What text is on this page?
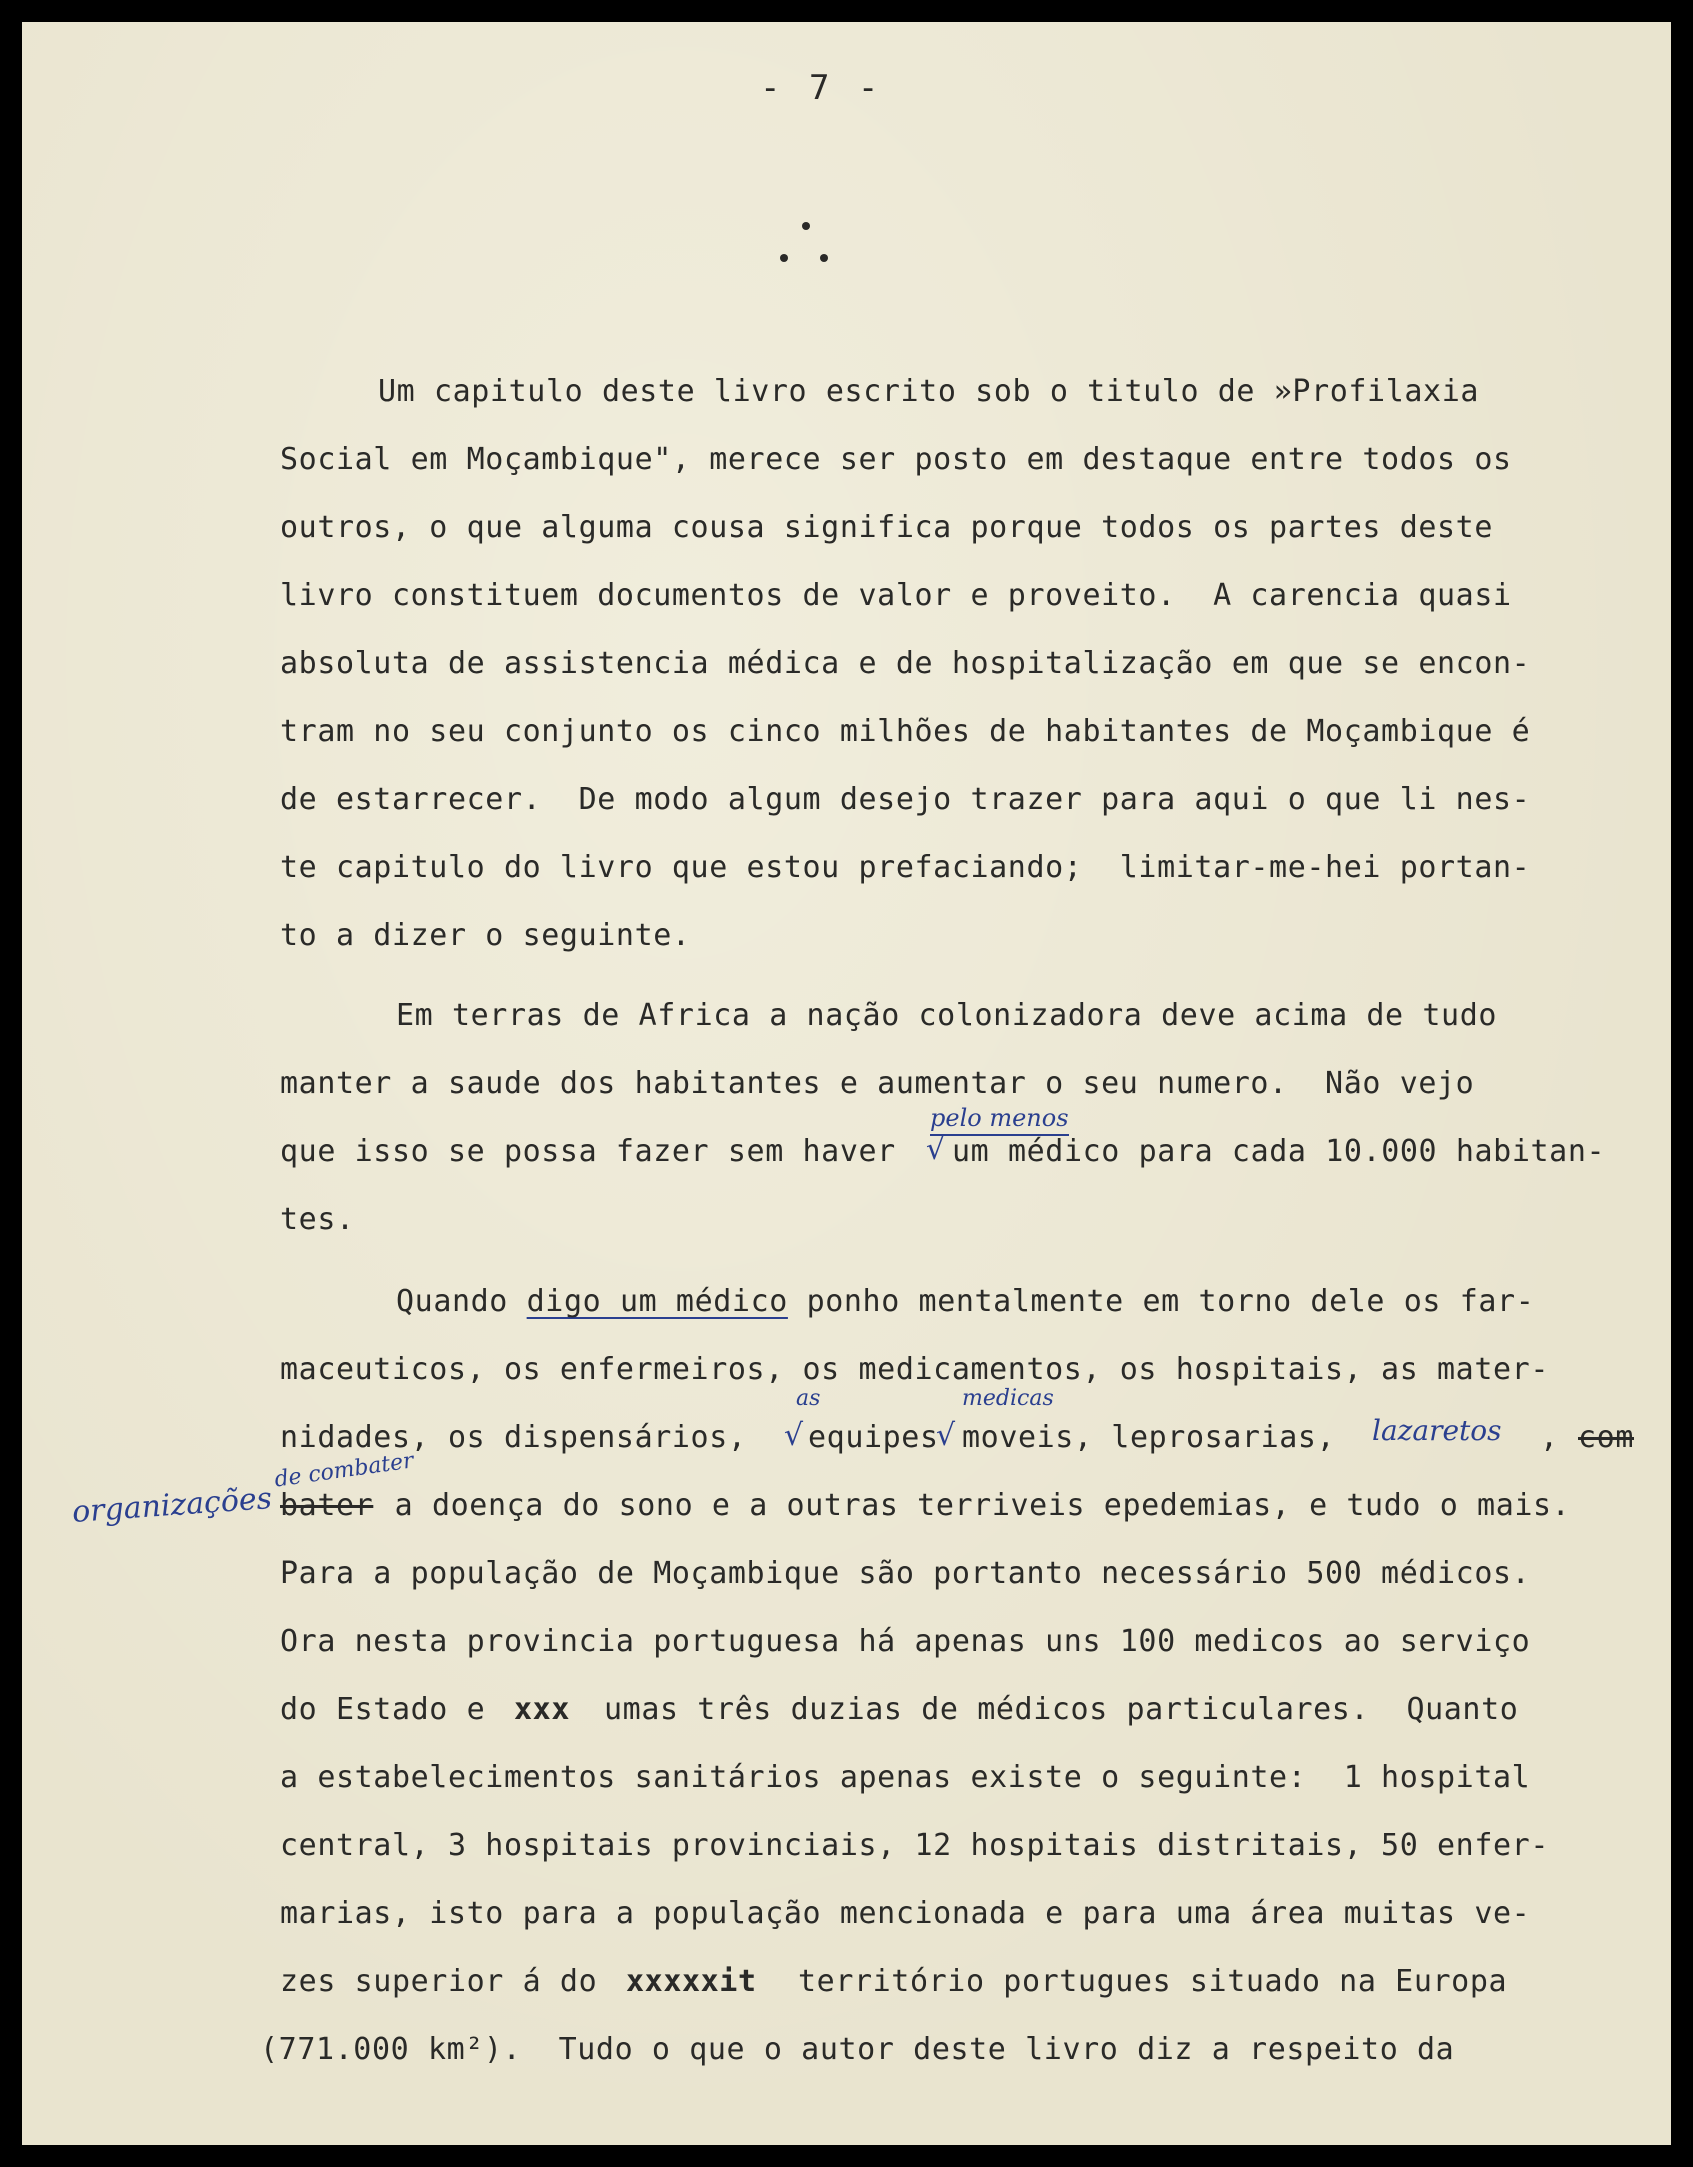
- 7 -
Um capitulo deste livro escrito sob o titulo de »Profilaxia
Social em Moçambique", merece ser posto em destaque entre todos os
outros, o que alguma cousa significa porque todos os partes deste
livro constituem documentos de valor e proveito.  A carencia quasi
absoluta de assistencia médica e de hospitalização em que se encon-
tram no seu conjunto os cinco milhões de habitantes de Moçambique é
de estarrecer.  De modo algum desejo trazer para aqui o que li nes-
te capitulo do livro que estou prefaciando;  limitar-me-hei portan-
to a dizer o seguinte.
Em terras de Africa a nação colonizadora deve acima de tudo
manter a saude dos habitantes e aumentar o seu numero.  Não vejo
que isso se possa fazer sem haver
pelo menos
√ um médico para cada 10.000 habitan-
tes.
Quando digo um médico ponho mentalmente em torno dele os far-
maceuticos, os enfermeiros, os medicamentos, os hospitais, as mater-
nidades, os dispensários,
as
√ equipes
medicas
√ moveis, leprosarias, lazaretos , com
organizações
de combater
bater a doença do sono e a outras terriveis epedemias, e tudo o mais.
Para a população de Moçambique são portanto necessário 500 médicos.
Ora nesta provincia portuguesa há apenas uns 100 medicos ao serviço
do Estado e xxx umas três duzias de médicos particulares.  Quanto
a estabelecimentos sanitários apenas existe o seguinte:  1 hospital
central, 3 hospitais provinciais, 12 hospitais distritais, 50 enfer-
marias, isto para a população mencionada e para uma área muitas ve-
zes superior á do xxxxxit território portugues situado na Europa
(771.000 km²).  Tudo o que o autor deste livro diz a respeito da
